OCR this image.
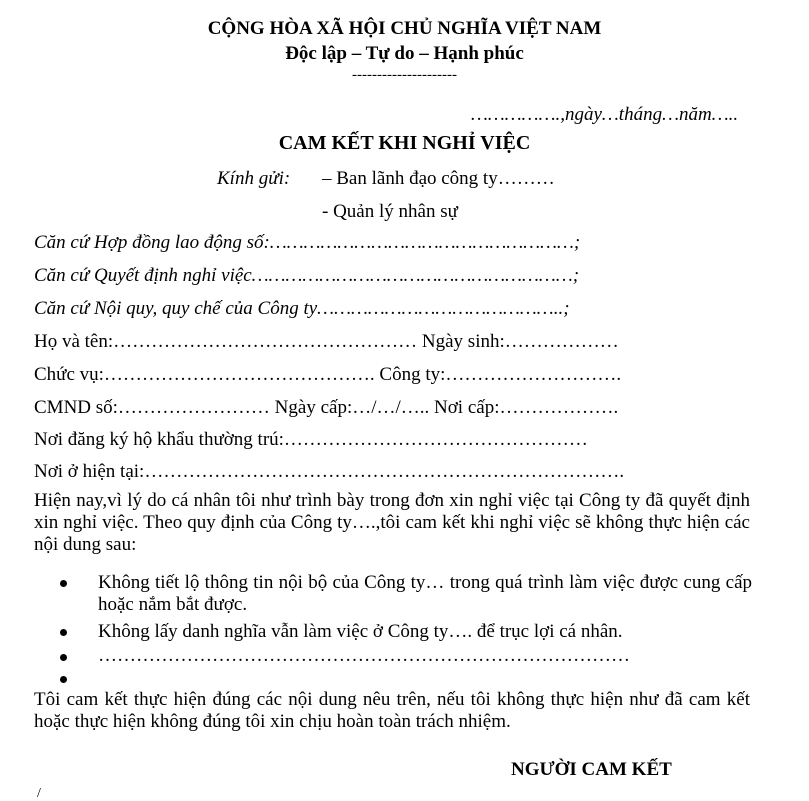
CỘNG HÒA XÃ HỘI CHỦ NGHĨA VIỆT NAM
Độc lập – Tự do – Hạnh phúc
---------------------
…………….,ngày…tháng…năm…..
CAM KẾT KHI NGHỈ VIỆC
Kính gửi: – Ban lãnh đạo công ty………
- Quản lý nhân sự
Căn cứ Hợp đồng lao động số:………………………………………………;
Căn cứ Quyết định nghỉ việc…………………………………………………;
Căn cứ Nội quy, quy chế của Công ty……………………………………..;
Họ và tên:………………………………………… Ngày sinh:………………
Chức vụ:……………………………………. Công ty:……………………….
CMND số:…………………… Ngày cấp:…/…/….. Nơi cấp:……………….
Nơi đăng ký hộ khẩu thường trú:…………………………………………
Nơi ở hiện tại:………………………………………………………………….
Hiện nay,vì lý do cá nhân tôi như trình bày trong đơn xin nghỉ việc tại Công ty đã quyết định xin nghỉ việc. Theo quy định của Công ty….,tôi cam kết khi nghỉ việc sẽ không thực hiện các nội dung sau:
Không tiết lộ thông tin nội bộ của Công ty… trong quá trình làm việc được cung cấp hoặc nắm bắt được.
Không lấy danh nghĩa vẫn làm việc ở Công ty…. để trục lợi cá nhân.
…………………………………………………………………………
Tôi cam kết thực hiện đúng các nội dung nêu trên, nếu tôi không thực hiện như đã cam kết hoặc thực hiện không đúng tôi xin chịu hoàn toàn trách nhiệm.
NGƯỜI CAM KẾT
/
